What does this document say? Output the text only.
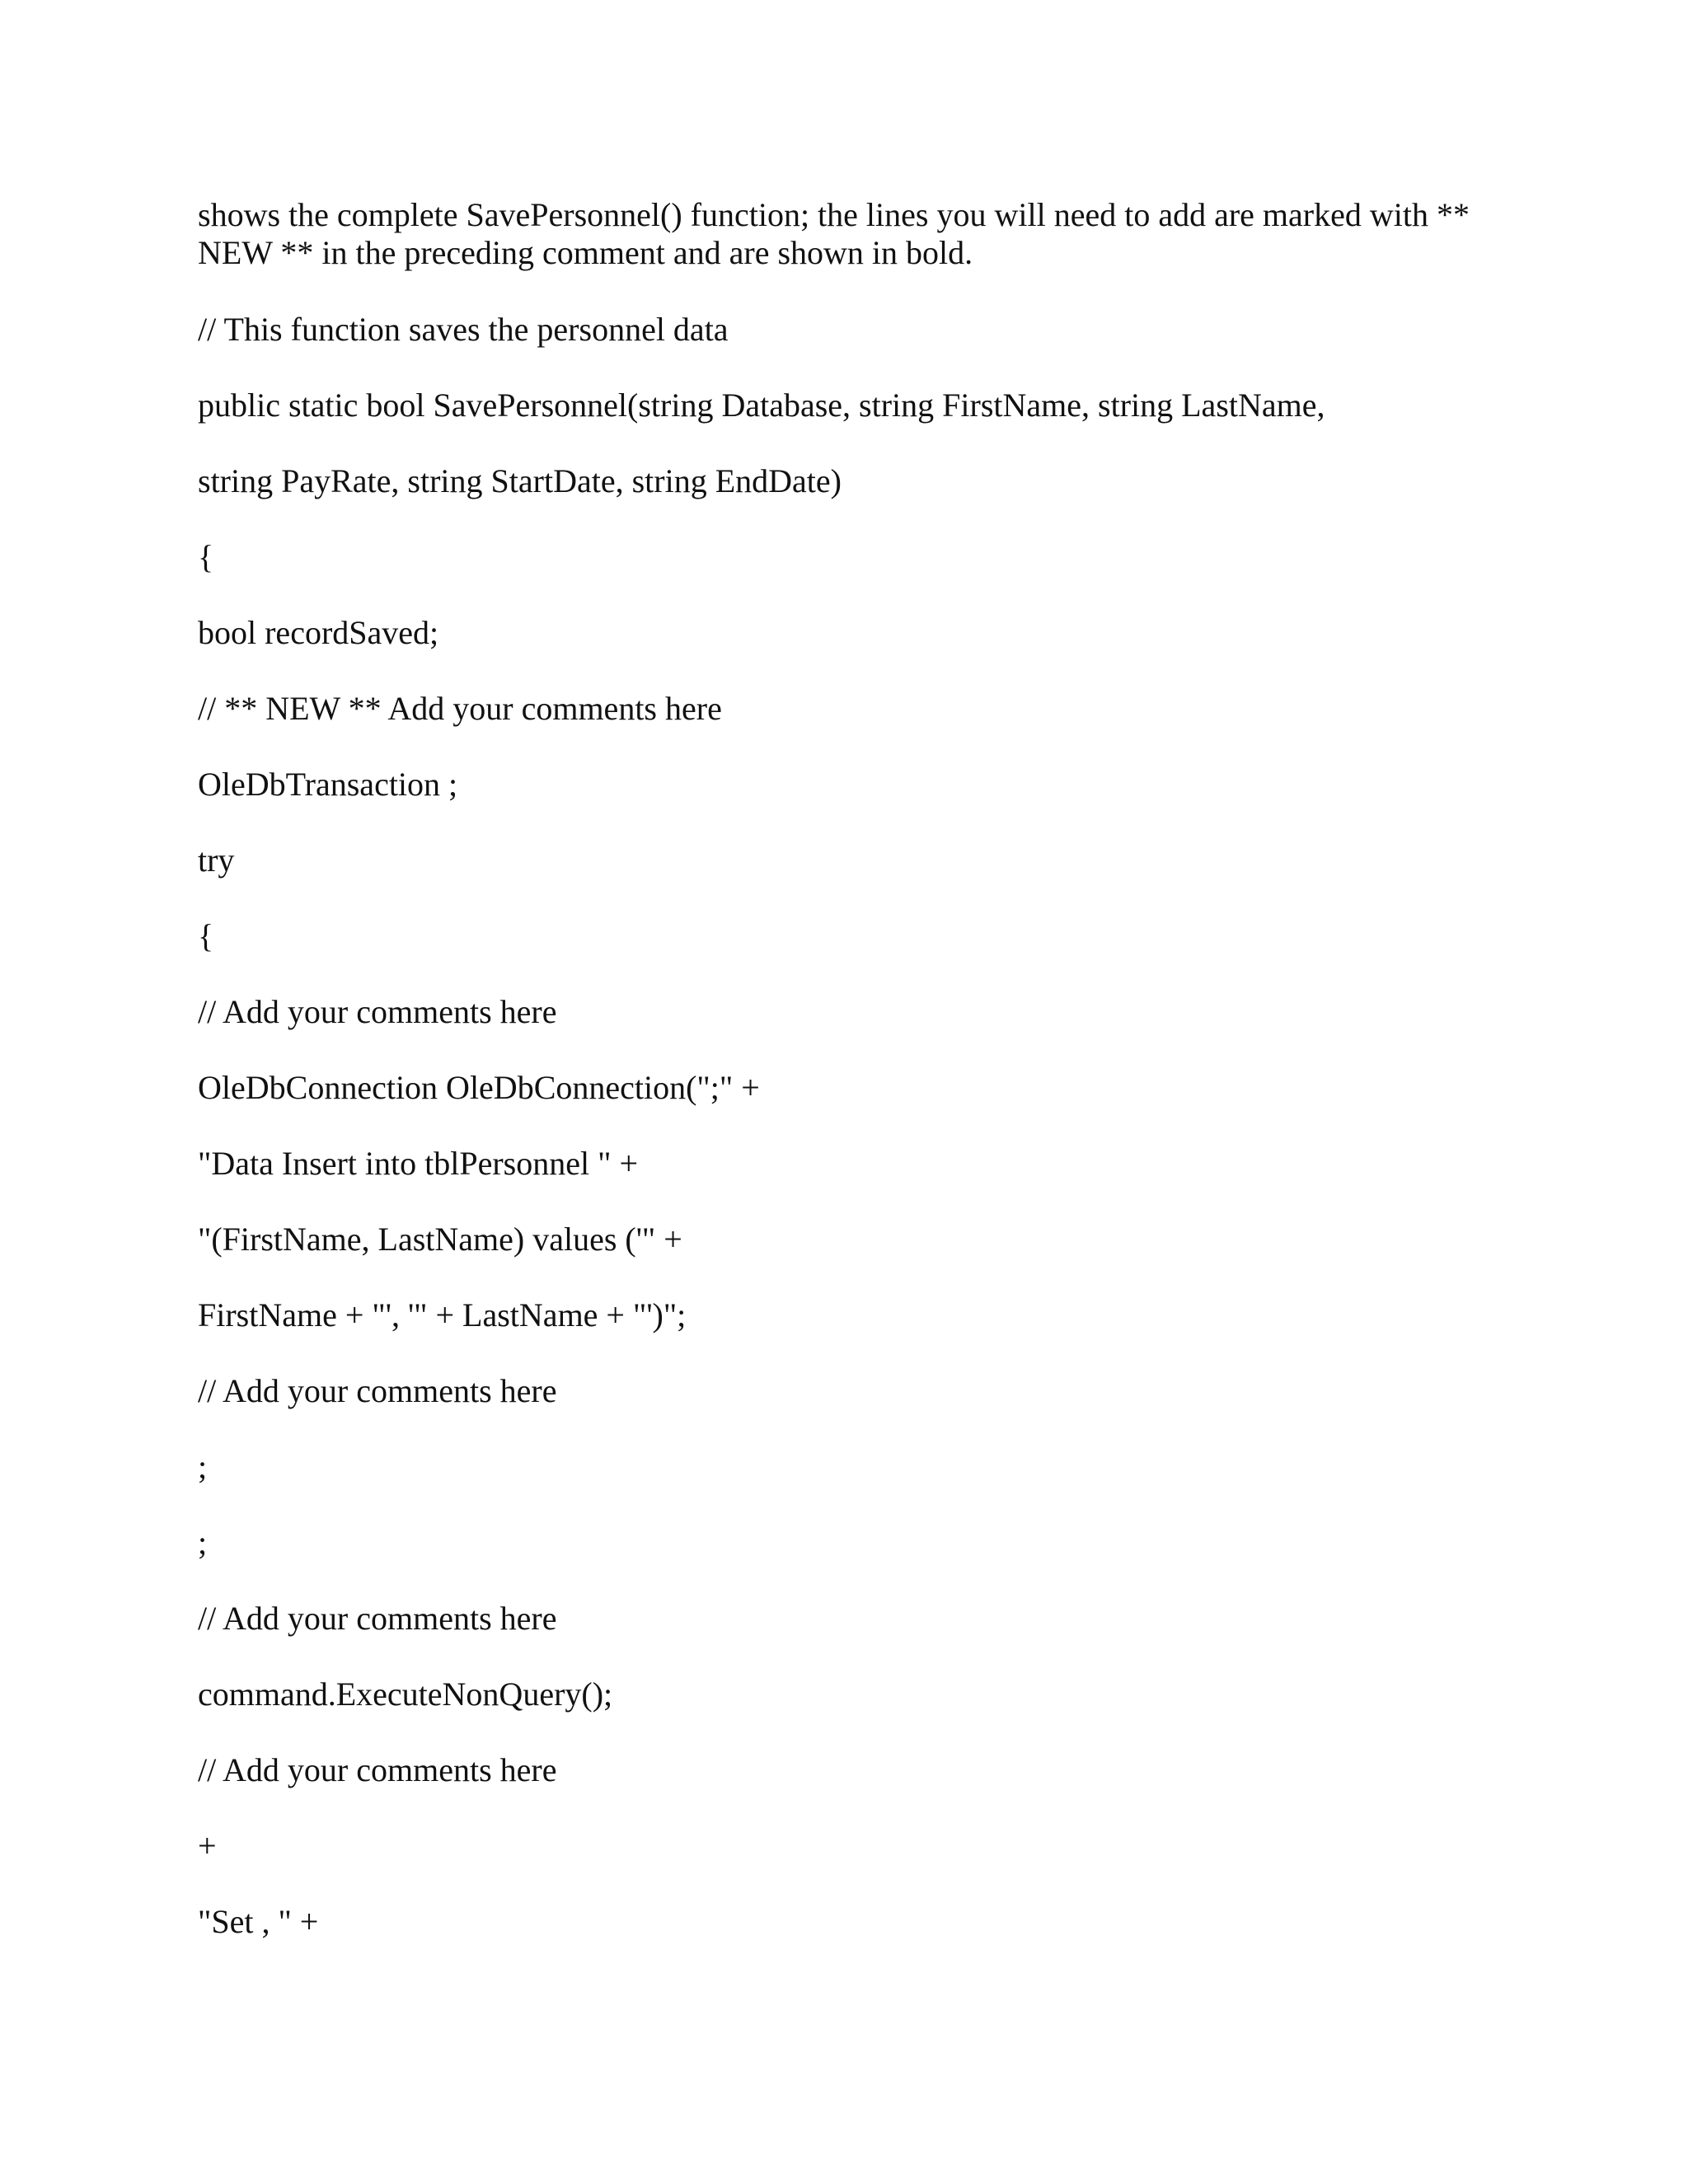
shows the complete SavePersonnel() function; the lines you will need to add are marked with **
NEW ** in the preceding comment and are shown in bold.

// This function saves the personnel data
public static bool SavePersonnel(string Database, string FirstName, string LastName,
string PayRate, string StartDate, string EndDate)
{
bool recordSaved;
// ** NEW ** Add your comments here
OleDbTransaction ;
try
{
// Add your comments here
OleDbConnection OleDbConnection(";" +
"Data Insert into tblPersonnel " +
"(FirstName, LastName) values ('" +
FirstName + "', '" + LastName + "')";
// Add your comments here
;
;
// Add your comments here
command.ExecuteNonQuery();
// Add your comments here
+
"Set , " +
